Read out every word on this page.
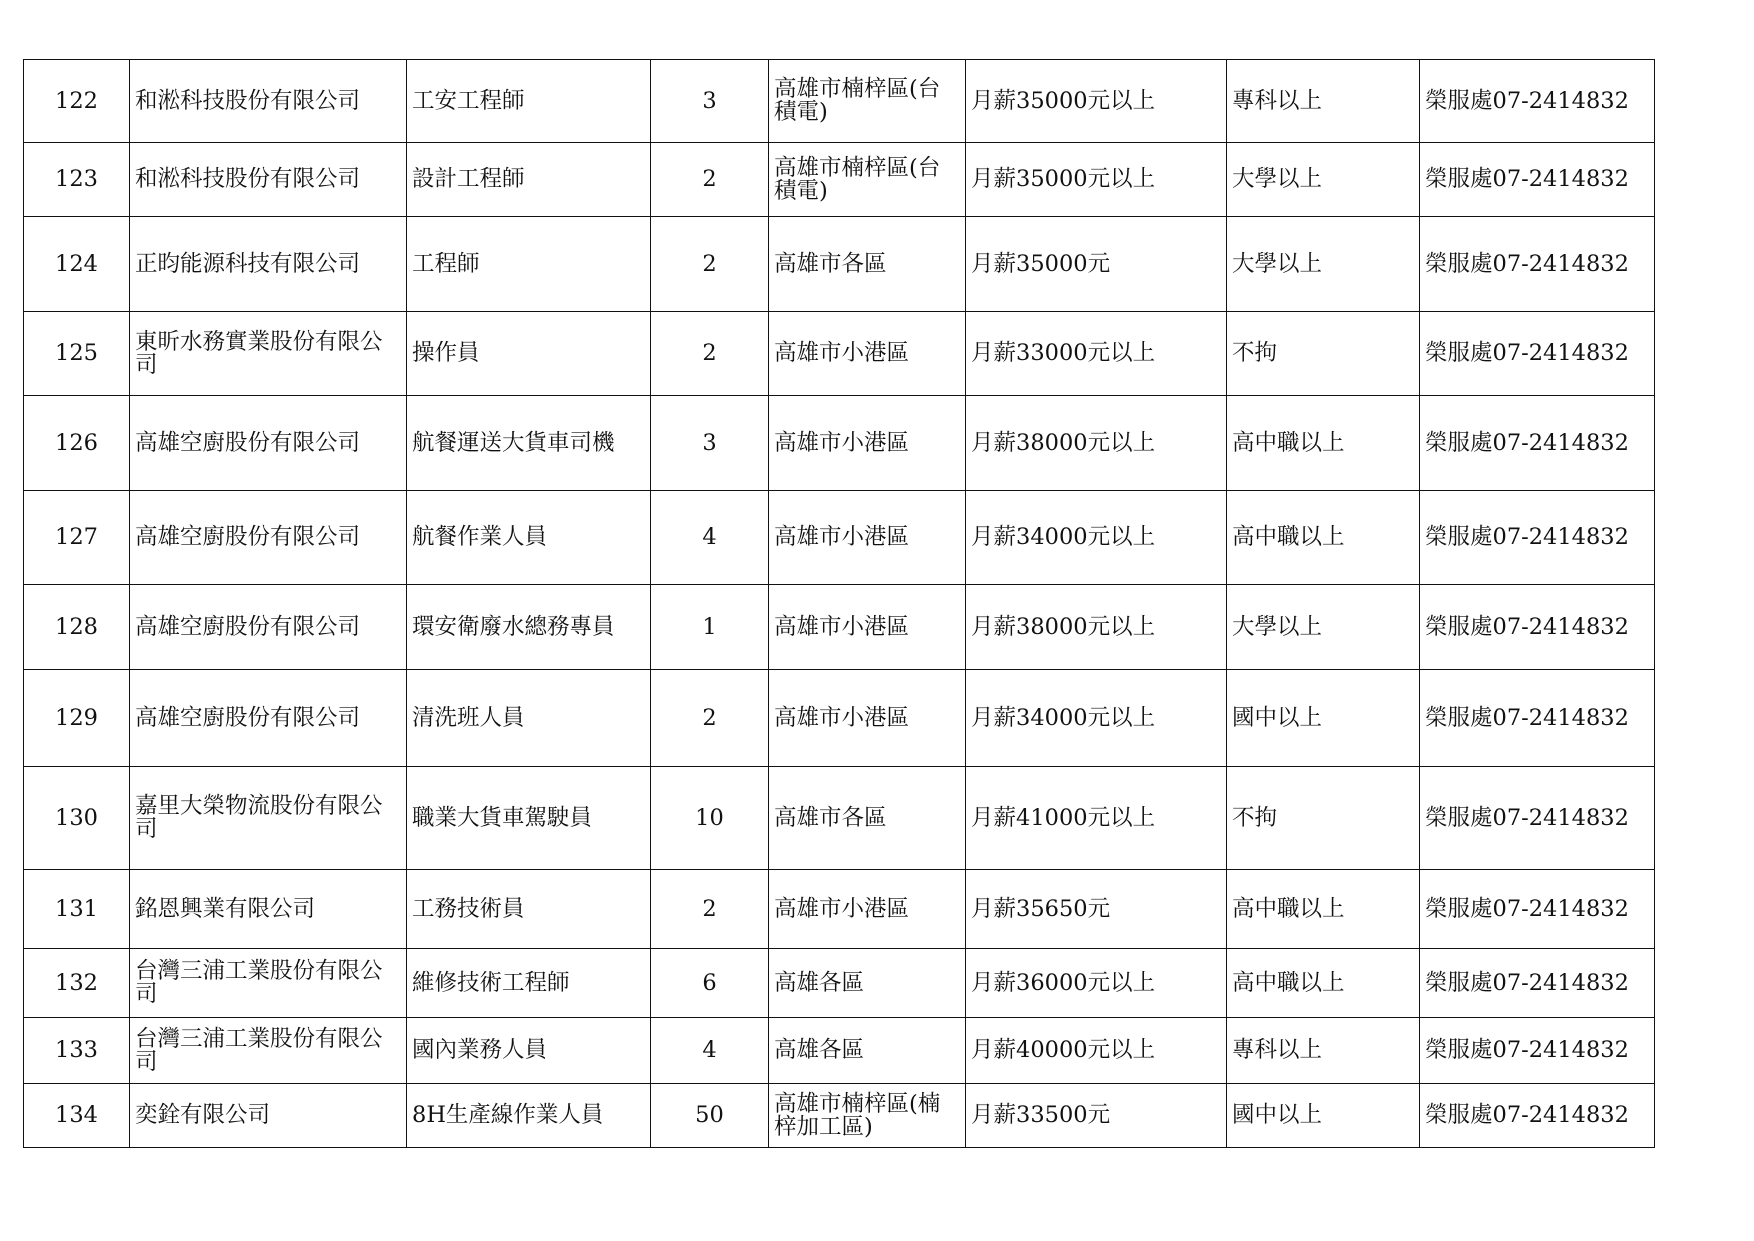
122	和淞科技股份有限公司	工安工程師	3	高雄市楠梓區(台積電)	月薪35000元以上	專科以上	榮服處07-2414832
123	和淞科技股份有限公司	設計工程師	2	高雄市楠梓區(台積電)	月薪35000元以上	大學以上	榮服處07-2414832
124	正昀能源科技有限公司	工程師	2	高雄市各區	月薪35000元	大學以上	榮服處07-2414832
125	東昕水務實業股份有限公司	操作員	2	高雄市小港區	月薪33000元以上	不拘	榮服處07-2414832
126	高雄空廚股份有限公司	航餐運送大貨車司機	3	高雄市小港區	月薪38000元以上	高中職以上	榮服處07-2414832
127	高雄空廚股份有限公司	航餐作業人員	4	高雄市小港區	月薪34000元以上	高中職以上	榮服處07-2414832
128	高雄空廚股份有限公司	環安衛廢水總務專員	1	高雄市小港區	月薪38000元以上	大學以上	榮服處07-2414832
129	高雄空廚股份有限公司	清洗班人員	2	高雄市小港區	月薪34000元以上	國中以上	榮服處07-2414832
130	嘉里大榮物流股份有限公司	職業大貨車駕駛員	10	高雄市各區	月薪41000元以上	不拘	榮服處07-2414832
131	銘恩興業有限公司	工務技術員	2	高雄市小港區	月薪35650元	高中職以上	榮服處07-2414832
132	台灣三浦工業股份有限公司	維修技術工程師	6	高雄各區	月薪36000元以上	高中職以上	榮服處07-2414832
133	台灣三浦工業股份有限公司	國內業務人員	4	高雄各區	月薪40000元以上	專科以上	榮服處07-2414832
134	奕銓有限公司	8H生產線作業人員	50	高雄市楠梓區(楠梓加工區)	月薪33500元	國中以上	榮服處07-2414832
